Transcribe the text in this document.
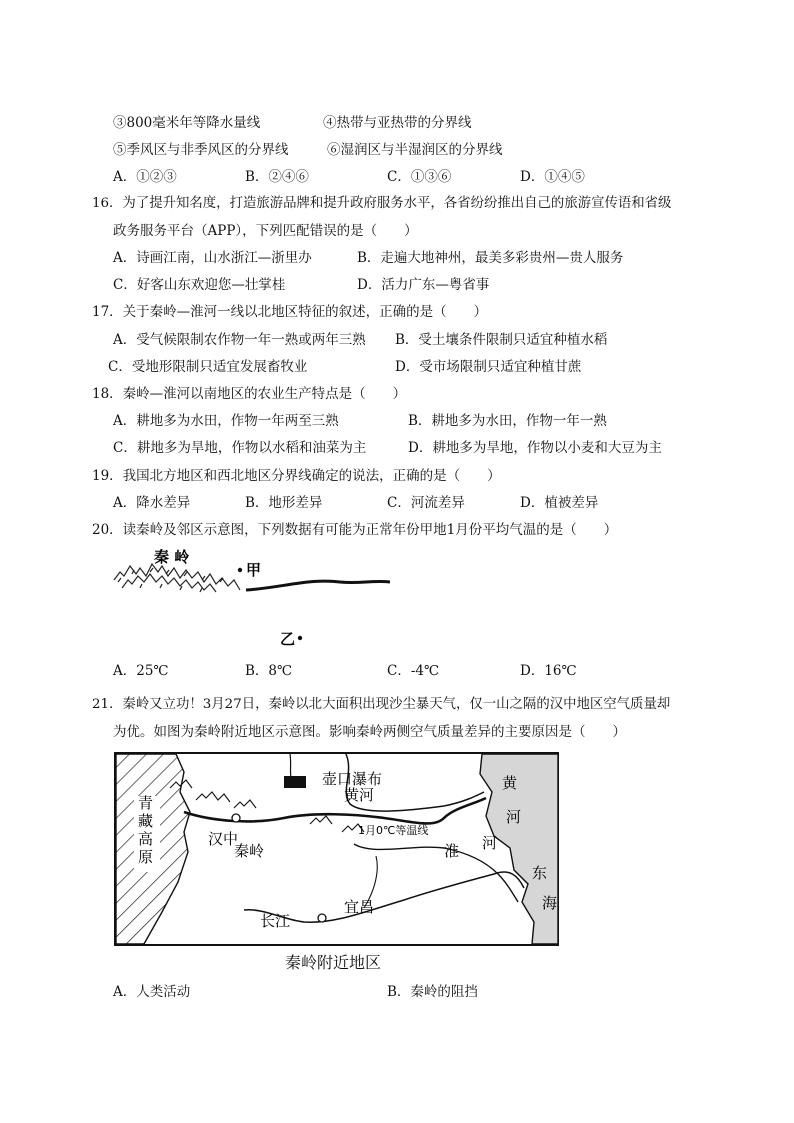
③800毫米年等降水量线	④热带与亚热带的分界线
⑤季风区与非季风区的分界线	⑥湿润区与半湿润区的分界线
A．①②③	B．②④⑥	C．①③⑥	D．①④⑤
16．为了提升知名度，打造旅游品牌和提升政府服务水平，各省纷纷推出自己的旅游宣传语和省级
政务服务平台（APP），下列匹配错误的是（　　）
A．诗画江南，山水浙江—浙里办	B．走遍大地神州，最美多彩贵州—贵人服务
C．好客山东欢迎您—壮掌桂	D．活力广东—粤省事
17．关于秦岭—淮河一线以北地区特征的叙述，正确的是（　　）
A．受气候限制农作物一年一熟或两年三熟 B．受土壤条件限制只适宜种植水稻
C．受地形限制只适宜发展畜牧业	D．受市场限制只适宜种植甘蔗
18．秦岭—淮河以南地区的农业生产特点是（　　）
A．耕地多为水田，作物一年两至三熟	B．耕地多为水田，作物一年一熟
C．耕地多为旱地，作物以水稻和油菜为主	D．耕地多为旱地，作物以小麦和大豆为主
19．我国北方地区和西北地区分界线确定的说法，正确的是（　　）
A．降水差异	B．地形差异	C．河流差异	D．植被差异
20．读秦岭及邻区示意图，下列数据有可能为正常年份甲地1月份平均气温的是（　　）
秦 岭
甲
乙
A．25℃	B．8℃	C．-4℃	D．16℃
21．秦岭又立功！3月27日，秦岭以北大面积出现沙尘暴天气，仅一山之隔的汉中地区空气质量却
为优。如图为秦岭附近地区示意图。影响秦岭两侧空气质量差异的主要原因是（　　）
青
藏
高
原
壶口瀑布
黄河
1月0℃等温线
汉中
秦岭	淮 河
宜昌
长江
黄
河
东
海
秦岭附近地区
A．人类活动	B．秦岭的阻挡
